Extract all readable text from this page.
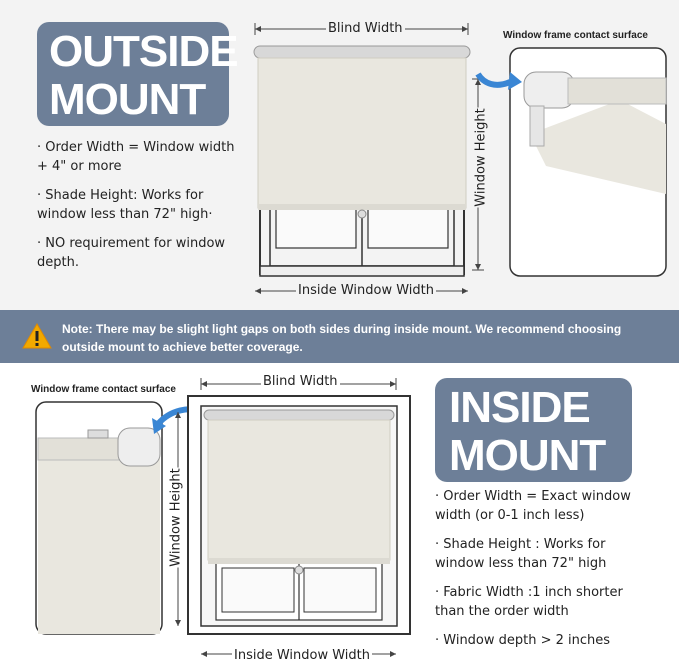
OUTSIDE
MOUNT

· Order Width = Window width + 4" or more

· Shade Height: Works for window less than 72" high·

· NO requirement for window depth.

Blind Width
Inside Window Width
Window Height
Window frame contact surface
Note: There may be slight light gaps on both sides during inside mount. We recommend choosing outside mount to achieve better coverage.
Window frame contact surface
Blind Width
Inside Window Width
Window Height
INSIDE
MOUNT

· Order Width = Exact window width (or 0-1 inch less)

· Shade Height : Works for window less than 72" high

· Fabric Width :1 inch shorter than the order width

· Window depth > 2 inches
